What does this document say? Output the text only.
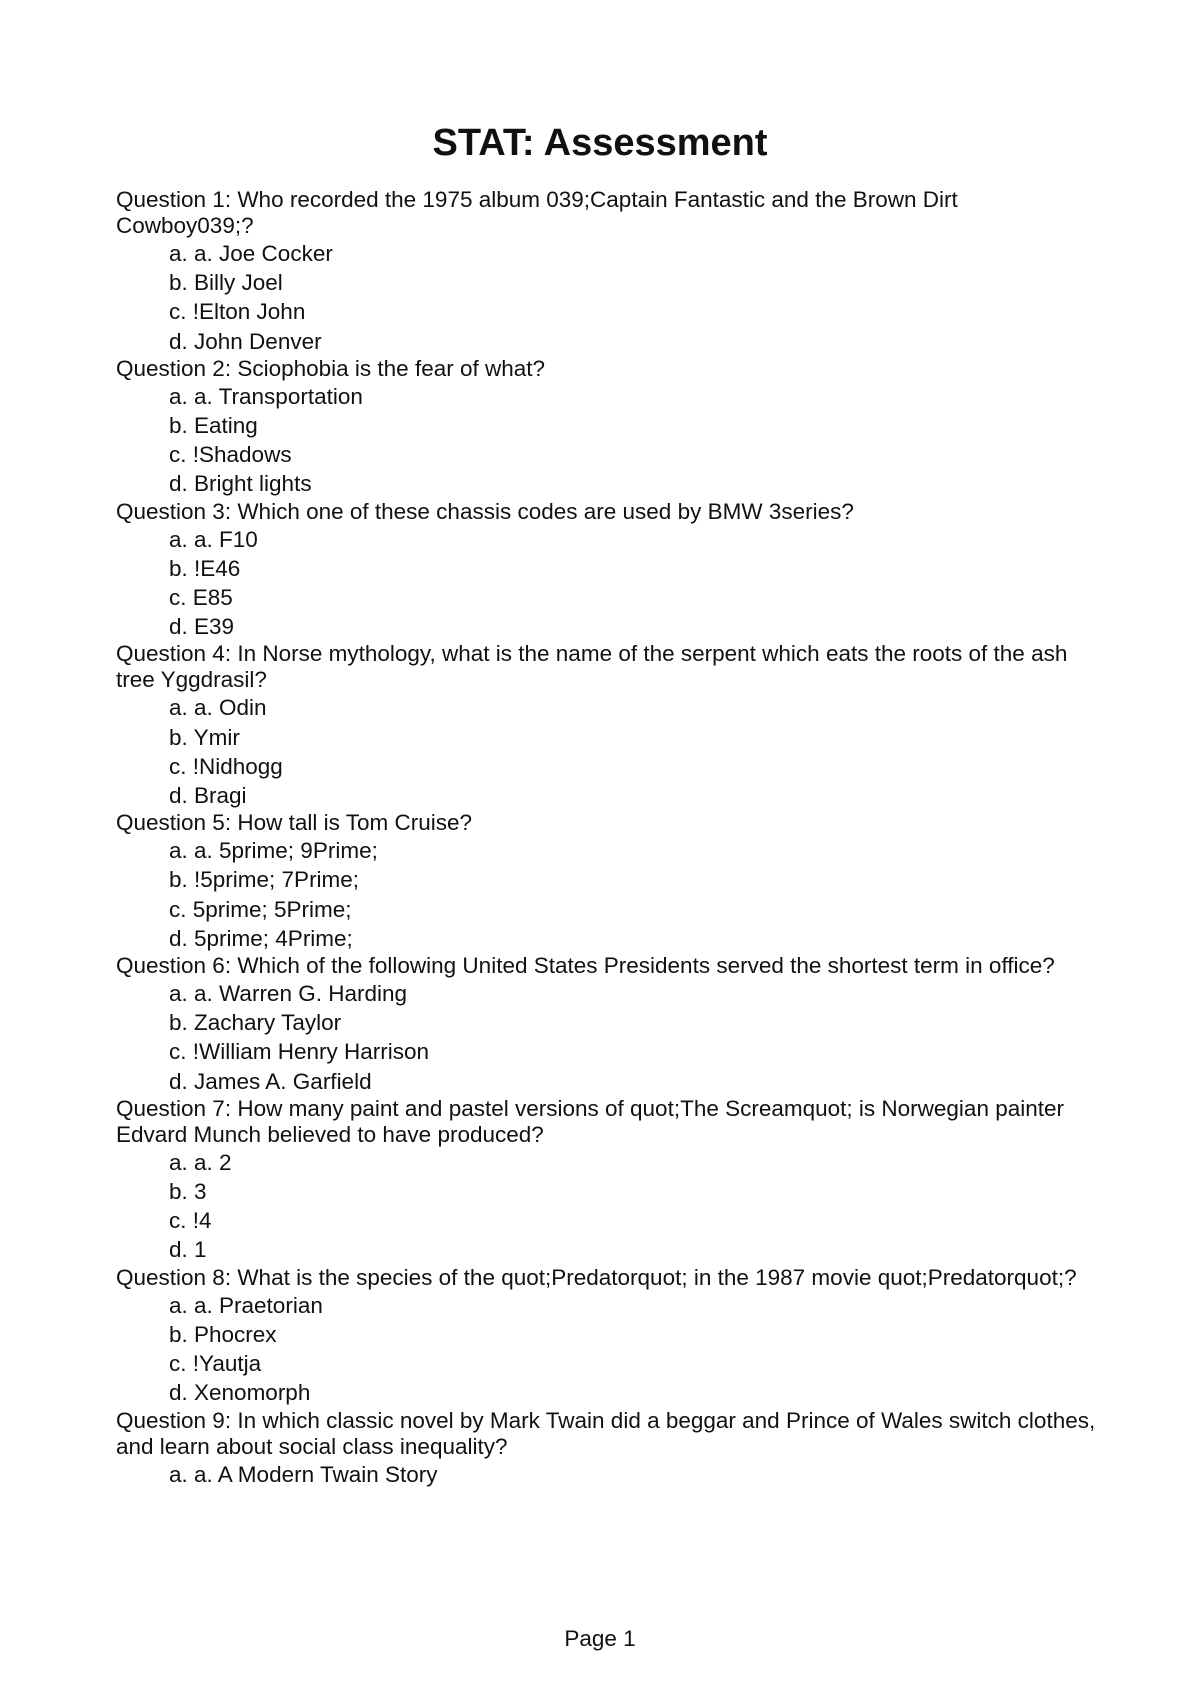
STAT: Assessment

Question 1: Who recorded the 1975 album 039;Captain Fantastic and the Brown Dirt Cowboy039;?

a. a. Joe Cocker
b. Billy Joel
c. !Elton John
d. John Denver

Question 2: Sciophobia is the fear of what?

a. a. Transportation
b. Eating
c. !Shadows
d. Bright lights

Question 3: Which one of these chassis codes are used by BMW 3series?

a. a. F10
b. !E46
c. E85
d. E39

Question 4: In Norse mythology, what is the name of the serpent which eats the roots of the ash tree Yggdrasil?

a. a. Odin
b. Ymir
c. !Nidhogg
d. Bragi

Question 5: How tall is Tom Cruise?

a. a. 5prime; 9Prime;
b. !5prime; 7Prime;
c. 5prime; 5Prime;
d. 5prime; 4Prime;

Question 6: Which of the following United States Presidents served the shortest term in office?

a. a. Warren G. Harding
b. Zachary Taylor
c. !William Henry Harrison
d. James A. Garfield

Question 7: How many paint and pastel versions of quot;The Screamquot; is Norwegian painter Edvard Munch believed to have produced?

a. a. 2
b. 3
c. !4
d. 1

Question 8: What is the species of the quot;Predatorquot; in the 1987 movie quot;Predatorquot;?

a. a. Praetorian
b. Phocrex
c. !Yautja
d. Xenomorph

Question 9: In which classic novel by Mark Twain did a beggar and Prince of Wales switch clothes, and learn about social class inequality?

a. a. A Modern Twain Story
Page 1
